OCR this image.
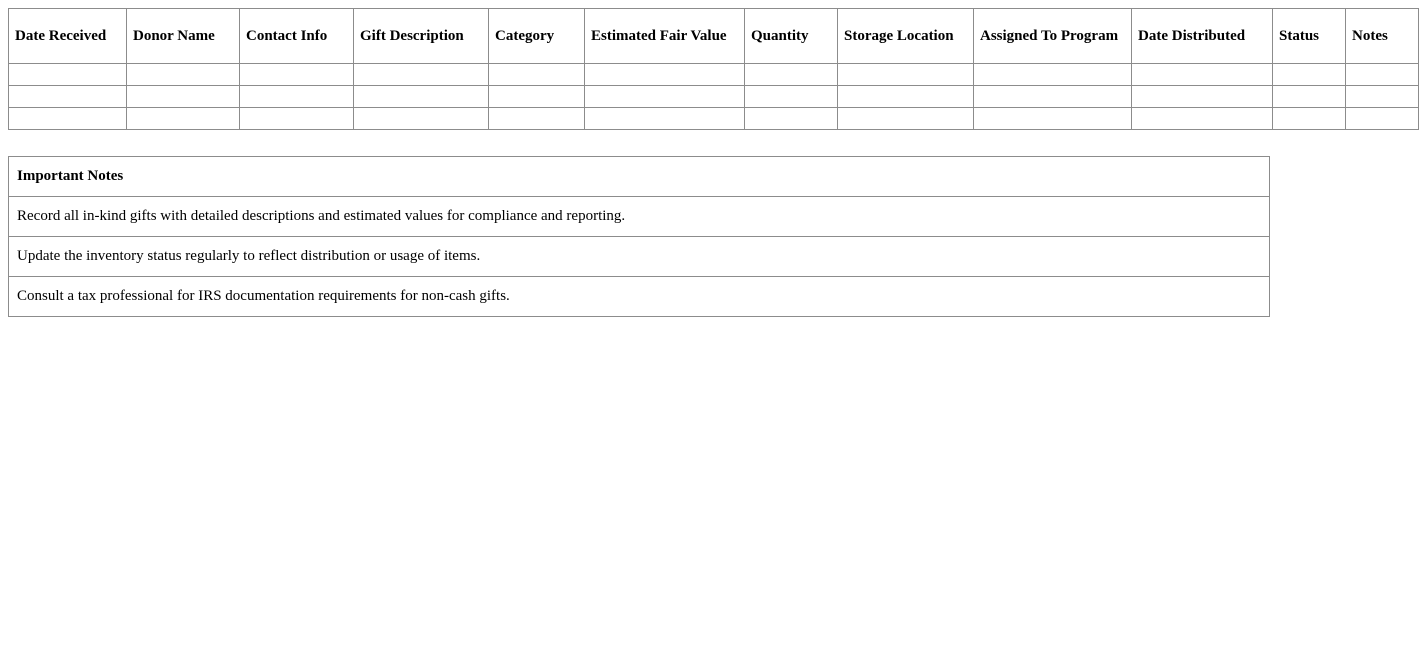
Date Received	Donor Name	Contact Info	Gift Description	Category	Estimated Fair Value	Quantity	Storage Location	Assigned To Program	Date Distributed	Status	Notes

Important Notes
Record all in-kind gifts with detailed descriptions and estimated values for compliance and reporting.
Update the inventory status regularly to reflect distribution or usage of items.
Consult a tax professional for IRS documentation requirements for non-cash gifts.
